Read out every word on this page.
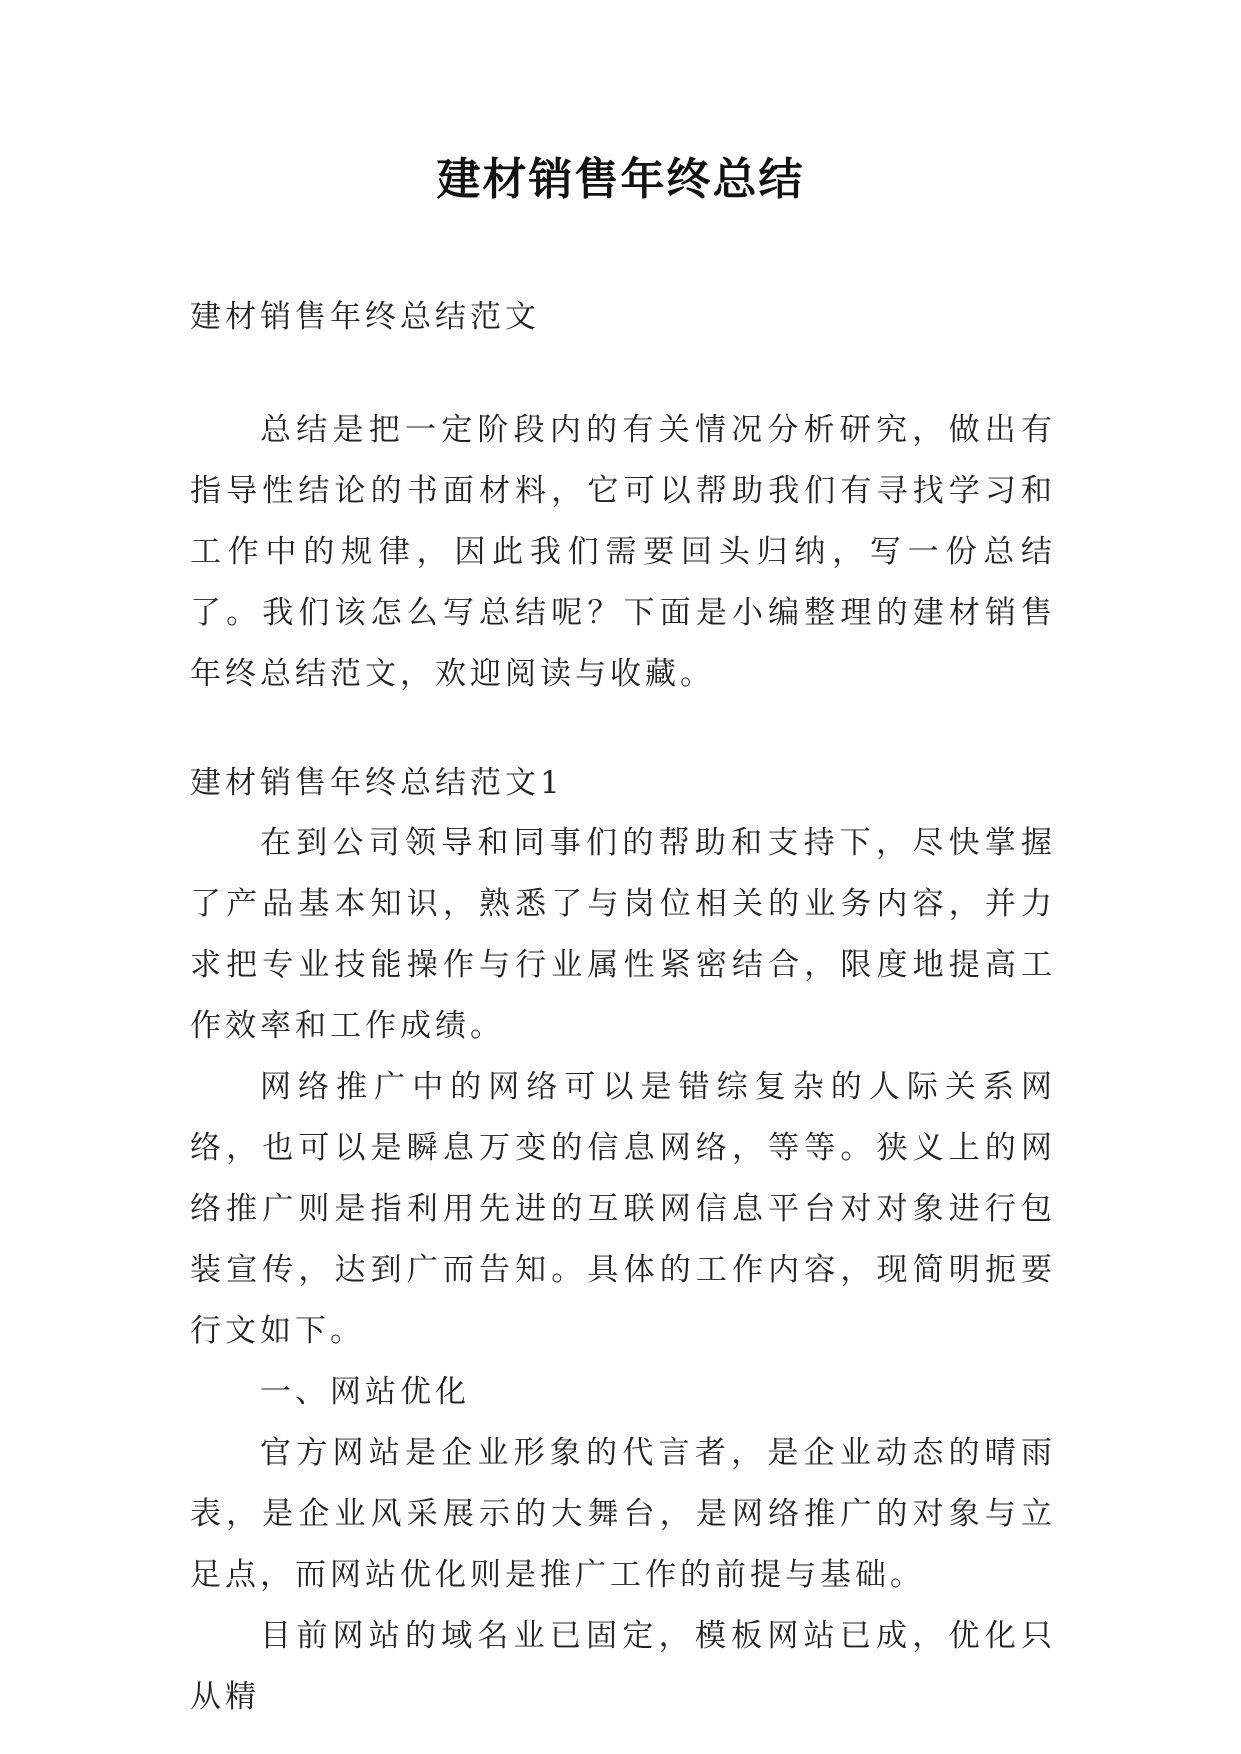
建材销售年终总结

建材销售年终总结范文

总结是把一定阶段内的有关情况分析研究，做出有指导性结论的书面材料，它可以帮助我们有寻找学习和工作中的规律，因此我们需要回头归纳，写一份总结了。我们该怎么写总结呢？下面是小编整理的建材销售年终总结范文，欢迎阅读与收藏。

建材销售年终总结范文1

在到公司领导和同事们的帮助和支持下，尽快掌握了产品基本知识，熟悉了与岗位相关的业务内容，并力求把专业技能操作与行业属性紧密结合，限度地提高工作效率和工作成绩。

网络推广中的网络可以是错综复杂的人际关系网络，也可以是瞬息万变的信息网络，等等。狭义上的网络推广则是指利用先进的互联网信息平台对对象进行包装宣传，达到广而告知。具体的工作内容，现简明扼要行文如下。

一、网站优化

官方网站是企业形象的代言者，是企业动态的晴雨表，是企业风采展示的大舞台，是网络推广的对象与立足点，而网站优化则是推广工作的前提与基础。

目前网站的域名业已固定，模板网站已成，优化只从精
